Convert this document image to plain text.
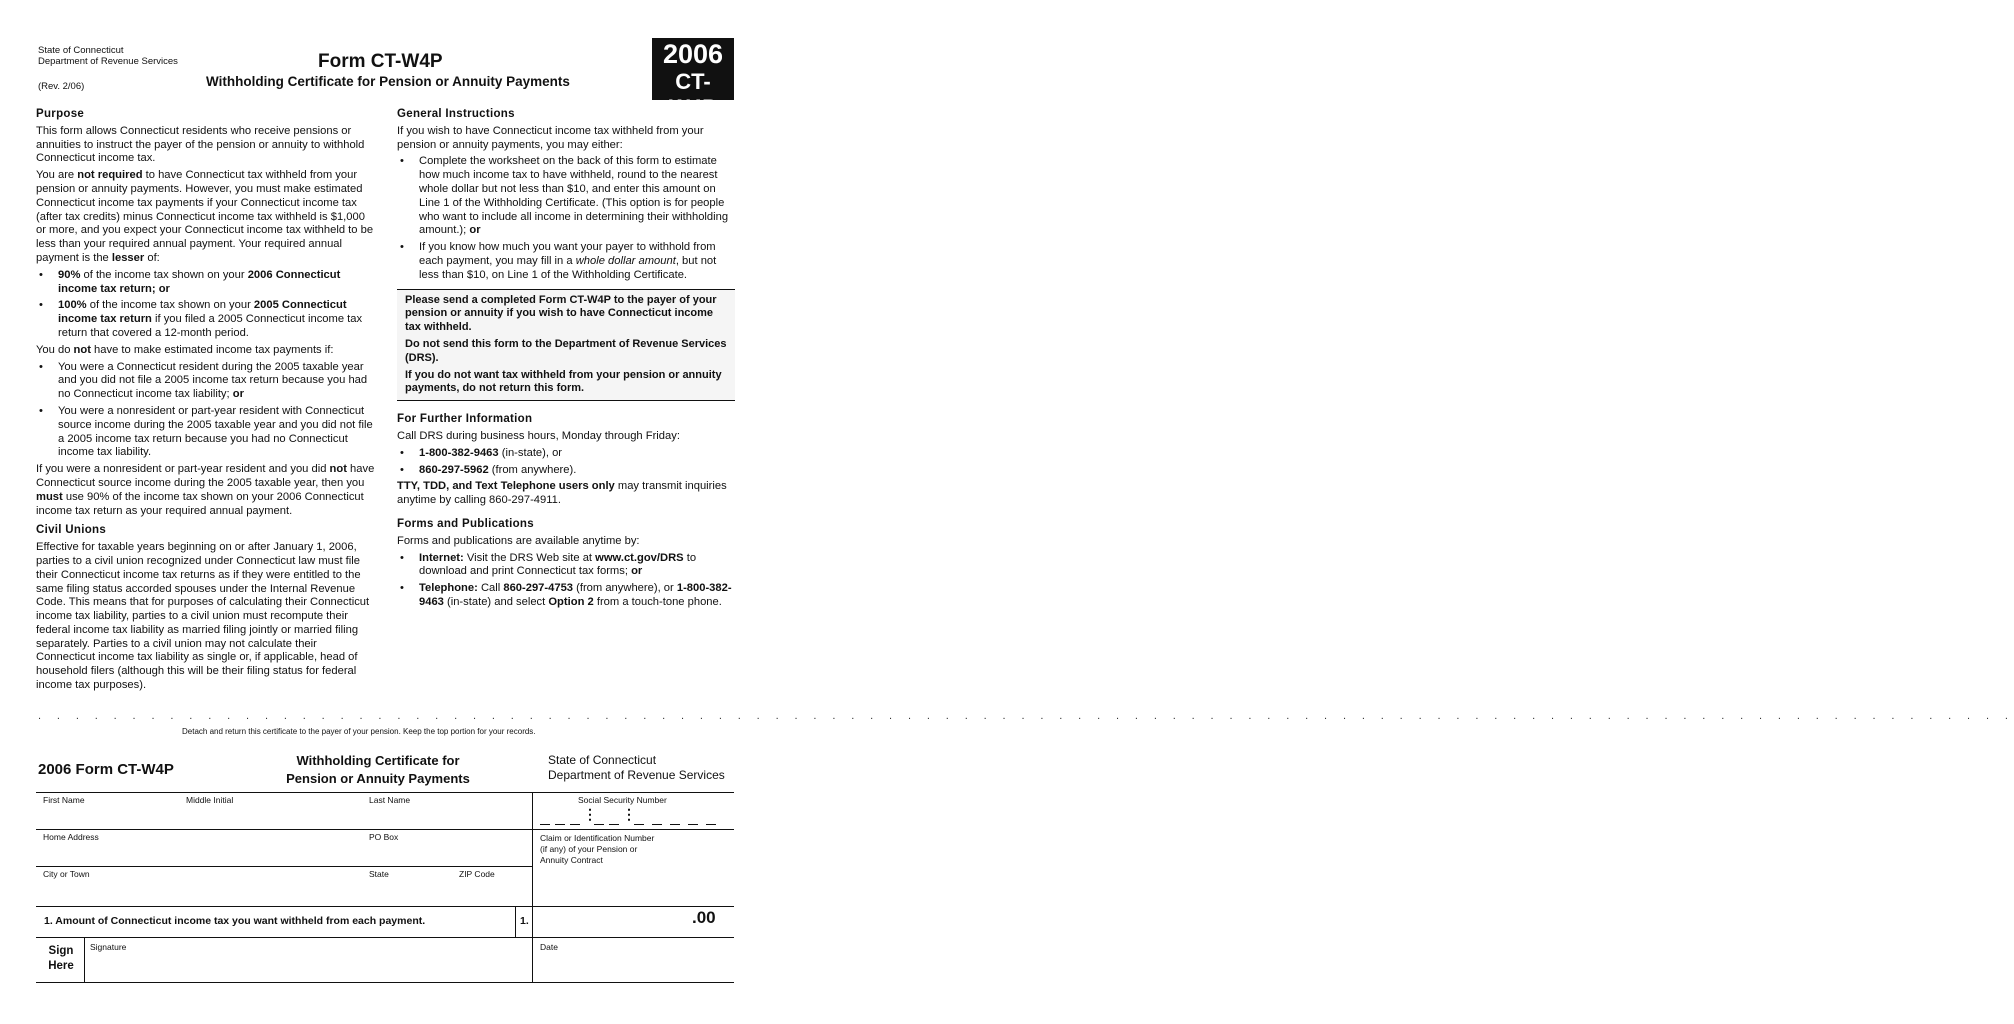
State of Connecticut
Department of Revenue Services
(Rev. 2/06)
Form CT-W4P
Withholding Certificate for Pension or Annuity Payments
2006
CT-W4P
Purpose

This form allows Connecticut residents who receive pensions or annuities to instruct the payer of the pension or annuity to withhold Connecticut income tax.

You are not required to have Connecticut tax withheld from your pension or annuity payments. However, you must make estimated Connecticut income tax payments if your Connecticut income tax (after tax credits) minus Connecticut income tax withheld is $1,000 or more, and you expect your Connecticut income tax withheld to be less than your required annual payment. Your required annual payment is the lesser of:

• 90% of the income tax shown on your 2006 Connecticut income tax return; or
• 100% of the income tax shown on your 2005 Connecticut income tax return if you filed a 2005 Connecticut income tax return that covered a 12-month period.

You do not have to make estimated income tax payments if:

• You were a Connecticut resident during the 2005 taxable year and you did not file a 2005 income tax return because you had no Connecticut income tax liability; or
• You were a nonresident or part-year resident with Connecticut source income during the 2005 taxable year and you did not file a 2005 income tax return because you had no Connecticut income tax liability.

If you were a nonresident or part-year resident and you did not have Connecticut source income during the 2005 taxable year, then you must use 90% of the income tax shown on your 2006 Connecticut income tax return as your required annual payment.

Civil Unions

Effective for taxable years beginning on or after January 1, 2006, parties to a civil union recognized under Connecticut law must file their Connecticut income tax returns as if they were entitled to the same filing status accorded spouses under the Internal Revenue Code. This means that for purposes of calculating their Connecticut income tax liability, parties to a civil union must recompute their federal income tax liability as married filing jointly or married filing separately. Parties to a civil union may not calculate their Connecticut income tax liability as single or, if applicable, head of household filers (although this will be their filing status for federal income tax purposes).

General Instructions

If you wish to have Connecticut income tax withheld from your pension or annuity payments, you may either:

• Complete the worksheet on the back of this form to estimate how much income tax to have withheld, round to the nearest whole dollar but not less than $10, and enter this amount on Line 1 of the Withholding Certificate. (This option is for people who want to include all income in determining their withholding amount.); or
• If you know how much you want your payer to withhold from each payment, you may fill in a whole dollar amount, but not less than $10, on Line 1 of the Withholding Certificate.

Please send a completed Form CT-W4P to the payer of your pension or annuity if you wish to have Connecticut income tax withheld.

Do not send this form to the Department of Revenue Services (DRS).

If you do not want tax withheld from your pension or annuity payments, do not return this form.

For Further Information

Call DRS during business hours, Monday through Friday:

• 1-800-382-9463 (in-state), or
• 860-297-5962 (from anywhere).

TTY, TDD, and Text Telephone users only may transmit inquiries anytime by calling 860-297-4911.

Forms and Publications

Forms and publications are available anytime by:

• Internet: Visit the DRS Web site at www.ct.gov/DRS to download and print Connecticut tax forms; or
• Telephone: Call 860-297-4753 (from anywhere), or 1-800-382-9463 (in-state) and select Option 2 from a touch-tone phone.
. . . . . . . . . . . . . . . . . . . . . . . . . . . . . . . . . . . . . . . . . . . . . . . . . . . . . . . . . . . . . . . . . . . . . . . . . . . . . . . . . . . . . . . . . . . . . . . . . . . . . . . . .
Detach and return this certificate to the payer of your pension. Keep the top portion for your records.
2006 Form CT-W4P
Withholding Certificate for
Pension or Annuity Payments
State of Connecticut
Department of Revenue Services
First Name	Middle Initial	Last Name	Social Security Number
⋮ ⋮
Home Address	PO Box	Claim or Identification Number
(if any) of your Pension or
Annuity Contract
City or Town	State	ZIP Code
1. Amount of Connecticut income tax you want withheld from each payment.	1.	.00
Sign
Here
Signature	Date
